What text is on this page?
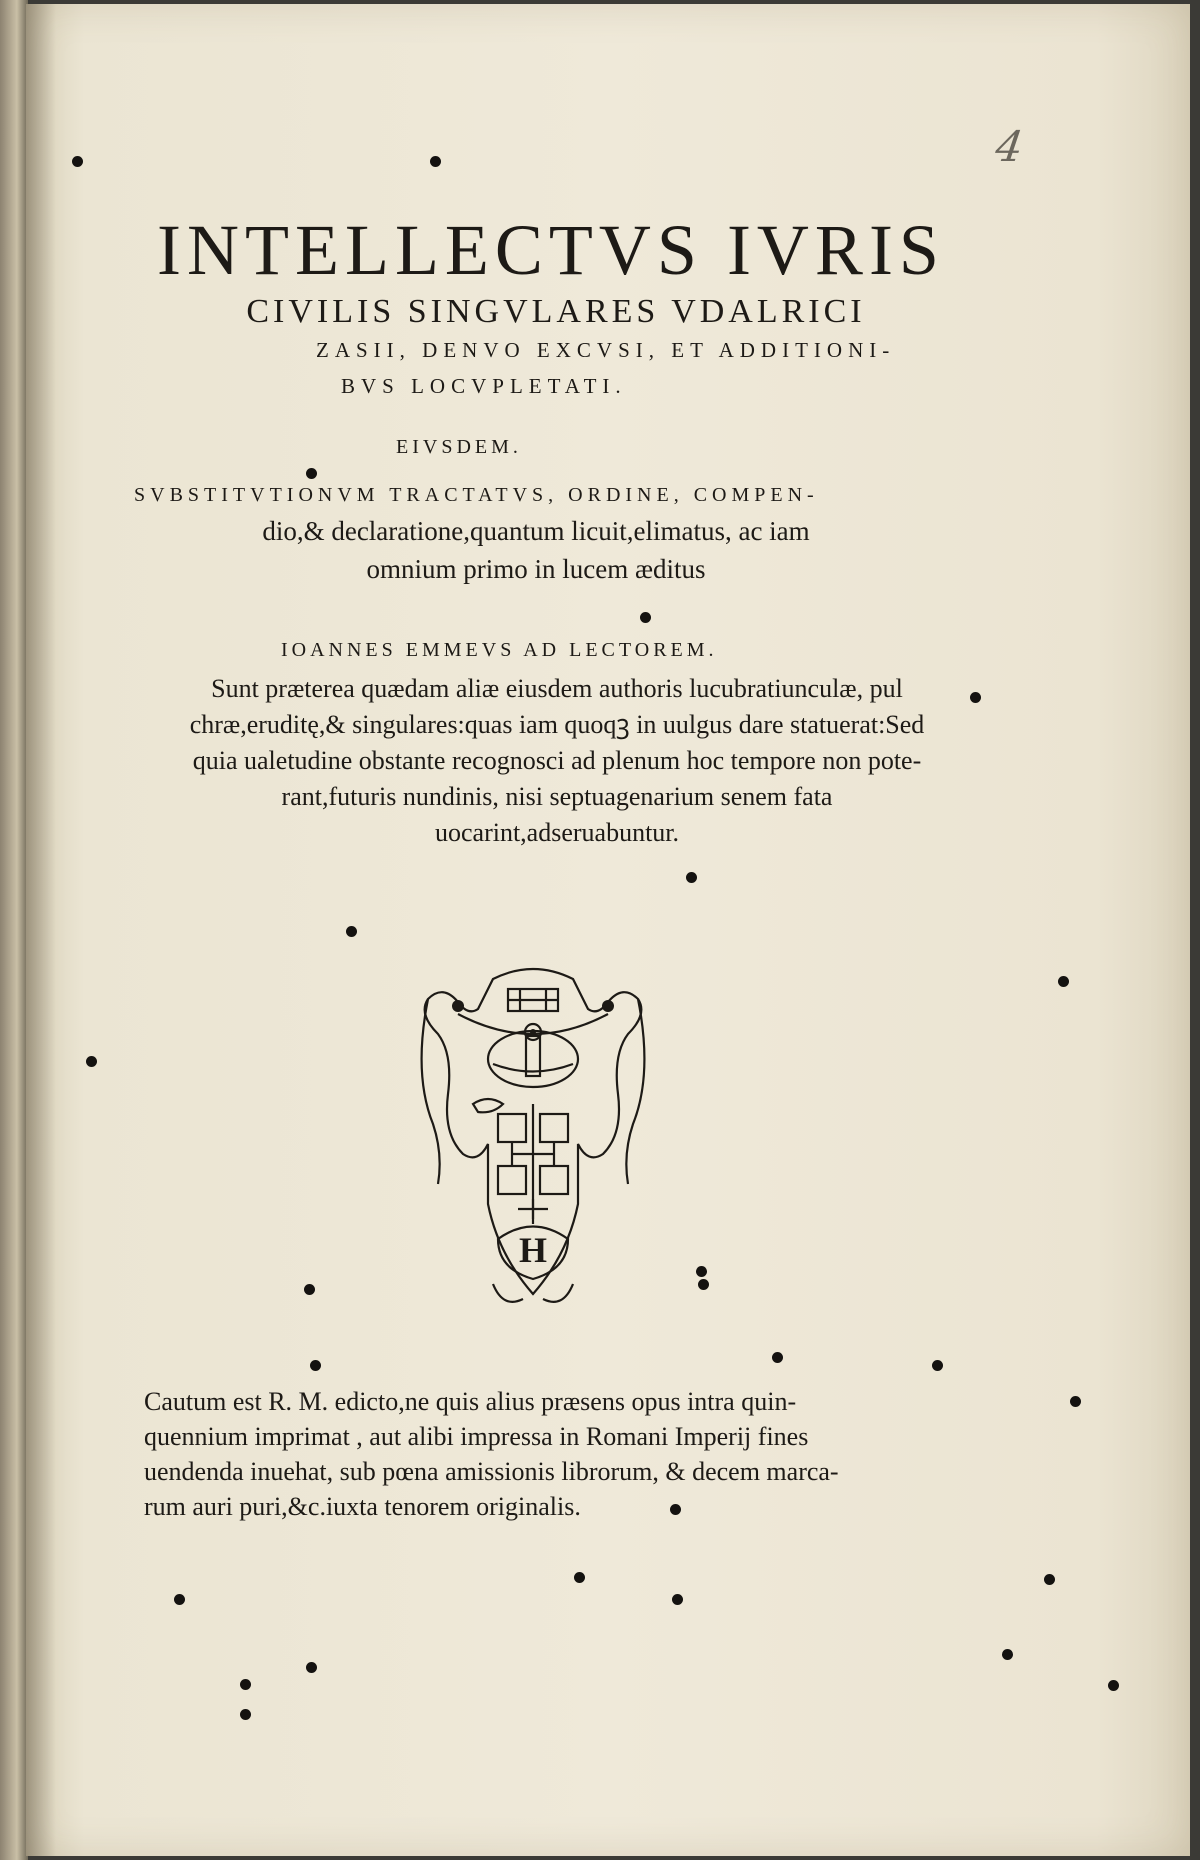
4
INTELLECTVS IVRIS
CIVILIS SINGVLARES VDALRICI
ZASII, DENVO EXCVSI, ET ADDITIONI-
BVS LOCVPLETATI.
EIVSDEM.
SVBSTITVTIONVM TRACTATVS, ORDINE, COMPEN-
dio,& declaratione,quantum licuit,elimatus, ac iam
omnium primo in lucem æditus
IOANNES EMMEVS AD LECTOREM.
Sunt præterea quædam aliæ eiusdem authoris lucubratiunculæ, pul
chræ,eruditę,& singulares:quas iam quoqꝫ in uulgus dare statuerat:Sed
quia ualetudine obstante recognosci ad plenum hoc tempore non pote-
rant,futuris nundinis, nisi septuagenarium senem fata
uocarint,adseruabuntur.
H
Cautum est R. M. edicto,ne quis alius præsens opus intra quin-
quennium imprimat , aut alibi impressa in Romani Imperij fines
uendenda inuehat, sub pœna amissionis librorum, & decem marca-
rum auri puri,&c.iuxta tenorem originalis.
